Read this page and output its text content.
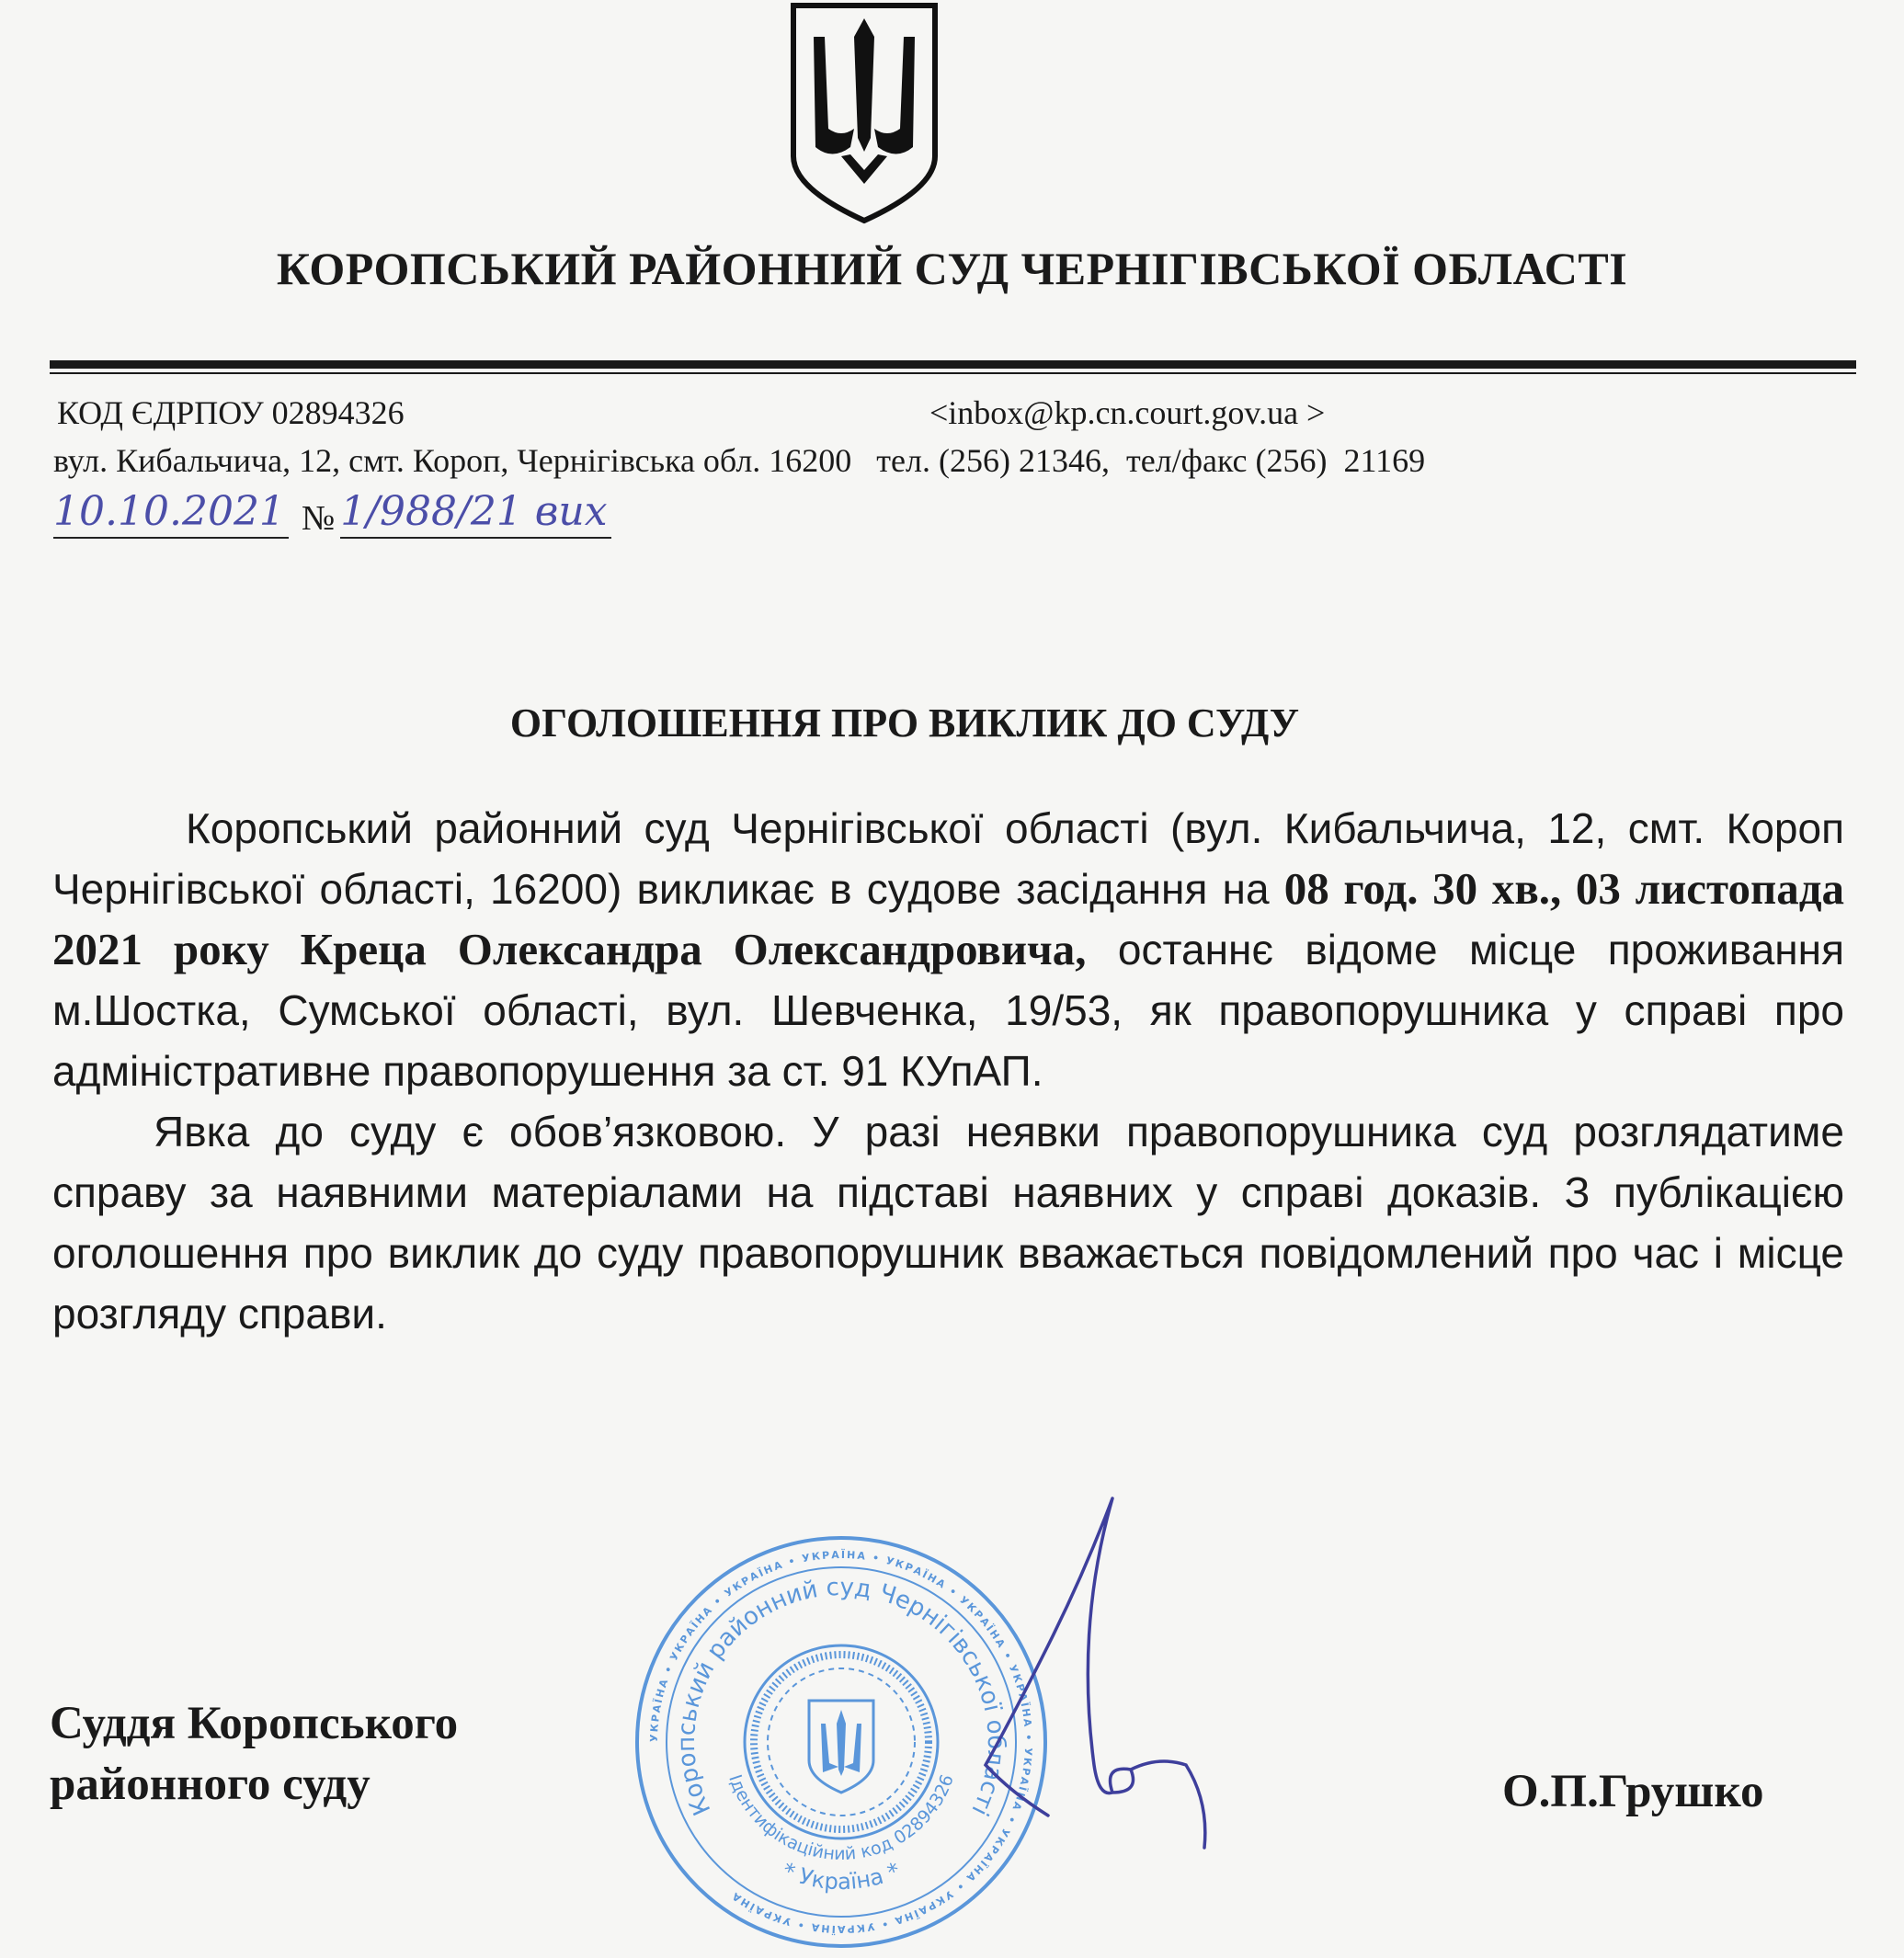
КОРОПСЬКИЙ РАЙОННИЙ СУД ЧЕРНІГІВСЬКОЇ ОБЛАСТІ
КОД ЄДРПОУ 02894326	<inbox@kp.cn.court.gov.ua >
вул. Кибальчича, 12, смт. Короп, Чернігівська обл. 16200   тел. (256) 21346,  тел/факс (256)  21169
10.10.2021 № 1/988/21 вих
ОГОЛОШЕННЯ ПРО ВИКЛИК ДО СУДУ

Коропський районний суд Чернігівської області (вул. Кибальчича, 12, смт. Короп Чернігівської області, 16200) викликає в судове засідання на 08 год. 30 хв., 03 листопада 2021 року Креца Олександра Олександровича, останнє відоме місце проживання м.Шостка, Сумської області, вул. Шевченка, 19/53, як правопорушника у справі про адміністративне правопорушення за ст. 91 КУпАП.

Явка до суду є обов’язковою. У разі неявки правопорушника суд розглядатиме справу за наявними матеріалами на підставі наявних у справі доказів. З публікацією оголошення про виклик до суду правопорушник вважається повідомлений про час і місце розгляду справи.

Суддя Коропського
районного суду	О.П.Грушко
УКРАЇНА • УКРАЇНА • УКРАЇНА • УКРАЇНА • УКРАЇНА • УКРАЇНА • УКРАЇНА • УКРАЇНА • УКРАЇНА • УКРАЇНА • УКРАЇНА • УКРАЇНА
Коропський районний суд Чернігівської області
* Україна *
Ідентифікаційний код 02894326
